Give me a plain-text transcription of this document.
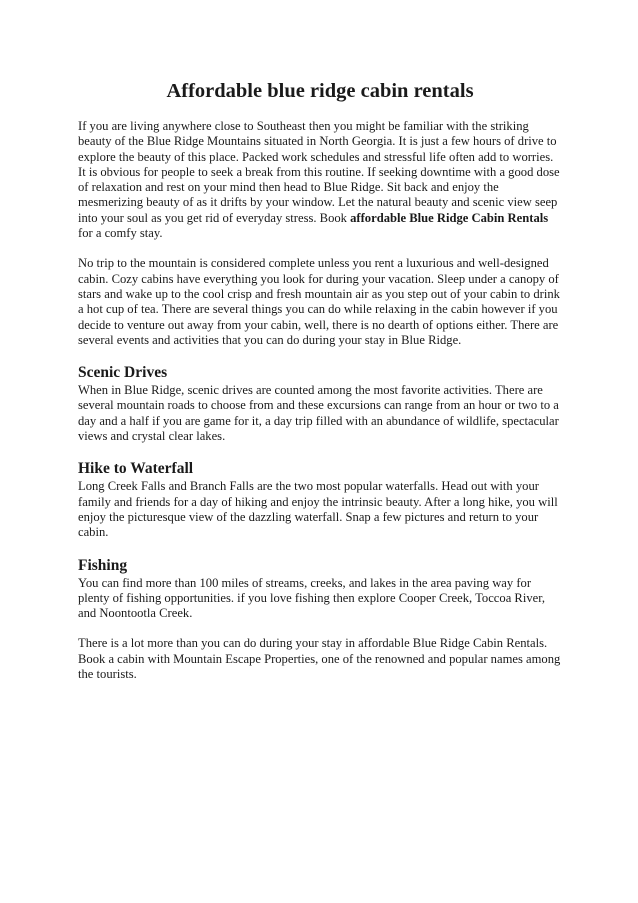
Affordable blue ridge cabin rentals

If you are living anywhere close to Southeast then you might be familiar with the striking beauty of the Blue Ridge Mountains situated in North Georgia. It is just a few hours of drive to explore the beauty of this place. Packed work schedules and stressful life often add to worries. It is obvious for people to seek a break from this routine. If seeking downtime with a good dose of relaxation and rest on your mind then head to Blue Ridge. Sit back and enjoy the mesmerizing beauty of as it drifts by your window. Let the natural beauty and scenic view seep into your soul as you get rid of everyday stress. Book affordable Blue Ridge Cabin Rentals for a comfy stay.

No trip to the mountain is considered complete unless you rent a luxurious and well-designed cabin. Cozy cabins have everything you look for during your vacation. Sleep under a canopy of stars and wake up to the cool crisp and fresh mountain air as you step out of your cabin to drink a hot cup of tea. There are several things you can do while relaxing in the cabin however if you decide to venture out away from your cabin, well, there is no dearth of options either. There are several events and activities that you can do during your stay in Blue Ridge.

Scenic Drives

When in Blue Ridge, scenic drives are counted among the most favorite activities. There are several mountain roads to choose from and these excursions can range from an hour or two to a day and a half if you are game for it, a day trip filled with an abundance of wildlife, spectacular views and crystal clear lakes.

Hike to Waterfall

Long Creek Falls and Branch Falls are the two most popular waterfalls. Head out with your family and friends for a day of hiking and enjoy the intrinsic beauty. After a long hike, you will enjoy the picturesque view of the dazzling waterfall. Snap a few pictures and return to your cabin.

Fishing

You can find more than 100 miles of streams, creeks, and lakes in the area paving way for plenty of fishing opportunities. if you love fishing then explore Cooper Creek, Toccoa River, and Noontootla Creek.

There is a lot more than you can do during your stay in affordable Blue Ridge Cabin Rentals. Book a cabin with Mountain Escape Properties, one of the renowned and popular names among the tourists.
